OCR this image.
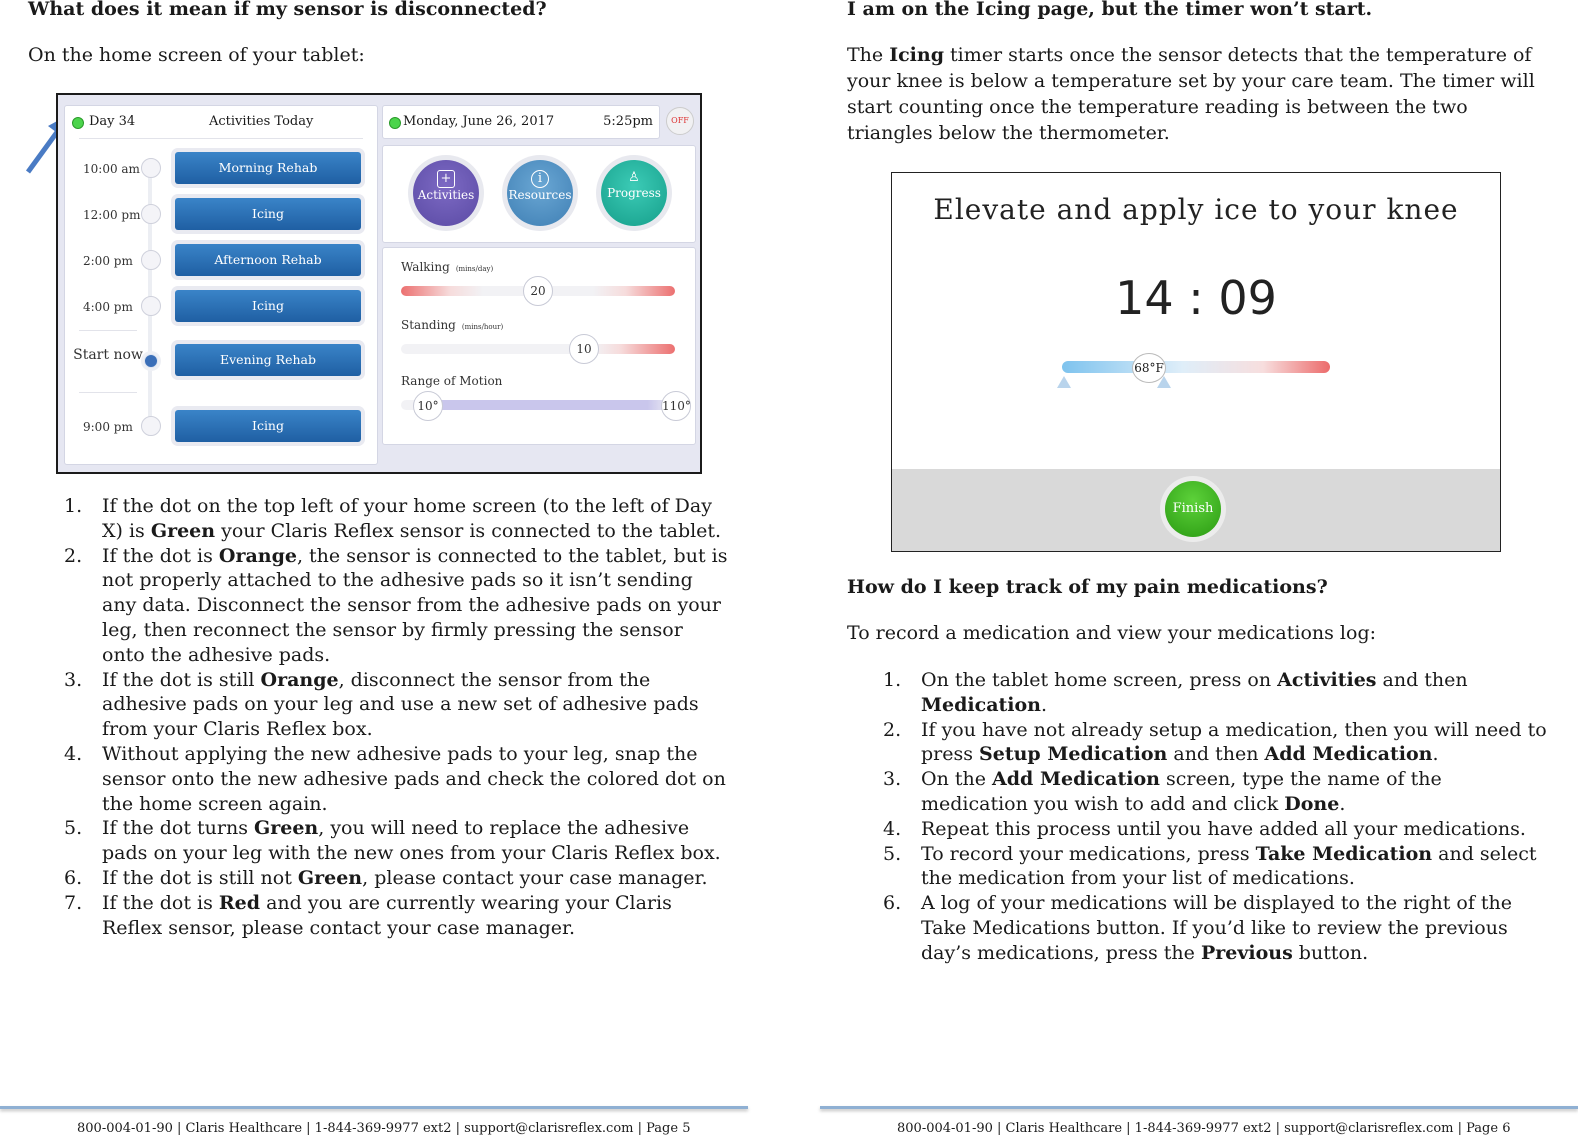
What does it mean if my sensor is disconnected?

On the home screen of your tablet:

Day 34	Activities Today
10:00 am	Morning Rehab
12:00 pm	Icing
2:00 pm	Afternoon Rehab
4:00 pm	Icing
Start now	Evening Rehab
9:00 pm	Icing
Monday, June 26, 2017	5:25pm	OFF
+
Activities
i
Resources
♙
Progress
Walking (mins/day)
20
Standing (mins/hour)
10
Range of Motion
10°	110°
1. If the dot on the top left of your home screen (to the left of Day X) is Green your Claris Reflex sensor is connected to the tablet.
2. If the dot is Orange, the sensor is connected to the tablet, but is not properly attached to the adhesive pads so it isn’t sending any data. Disconnect the sensor from the adhesive pads on your leg, then reconnect the sensor by firmly pressing the sensor onto the adhesive pads.
3. If the dot is still Orange, disconnect the sensor from the adhesive pads on your leg and use a new set of adhesive pads from your Claris Reflex box.
4. Without applying the new adhesive pads to your leg, snap the sensor onto the new adhesive pads and check the colored dot on the home screen again.
5. If the dot turns Green, you will need to replace the adhesive pads on your leg with the new ones from your Claris Reflex box.
6. If the dot is still not Green, please contact your case manager.
7. If the dot is Red and you are currently wearing your Claris Reflex sensor, please contact your case manager.
800-004-01-90 | Claris Healthcare | 1-844-369-9977 ext2 | support@clarisreflex.com | Page 5
I am on the Icing page, but the timer won’t start.

The Icing timer starts once the sensor detects that the temperature of your knee is below a temperature set by your care team. The timer will start counting once the temperature reading is between the two triangles below the thermometer.

Elevate and apply ice to your knee
14 : 09
68°F
Finish
How do I keep track of my pain medications?

To record a medication and view your medications log:

1. On the tablet home screen, press on Activities and then Medication.
2. If you have not already setup a medication, then you will need to press Setup Medication and then Add Medication.
3. On the Add Medication screen, type the name of the medication you wish to add and click Done.
4. Repeat this process until you have added all your medications.
5. To record your medications, press Take Medication and select the medication from your list of medications.
6. A log of your medications will be displayed to the right of the Take Medications button. If you’d like to review the previous day’s medications, press the Previous button.
800-004-01-90 | Claris Healthcare | 1-844-369-9977 ext2 | support@clarisreflex.com | Page 6
